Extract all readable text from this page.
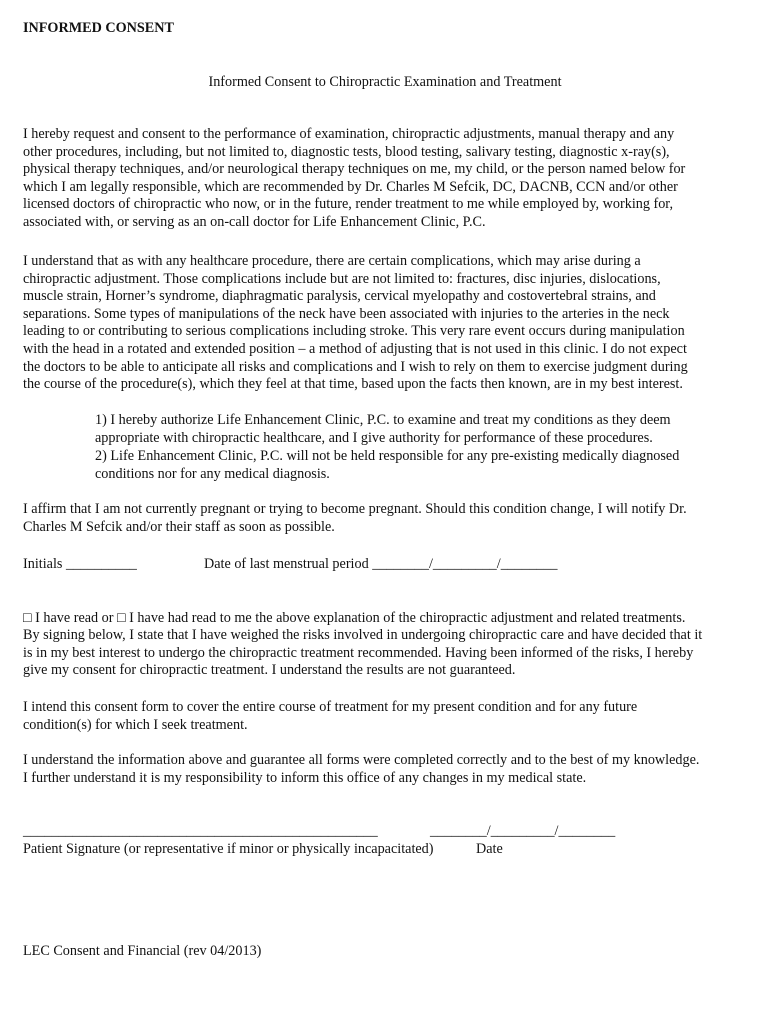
INFORMED CONSENT
Informed Consent to Chiropractic Examination and Treatment
I hereby request and consent to the performance of examination, chiropractic adjustments, manual therapy and any
other procedures, including, but not limited to, diagnostic tests, blood testing, salivary testing, diagnostic x-ray(s),
physical therapy techniques, and/or neurological therapy techniques on me, my child, or the person named below for
which I am legally responsible, which are recommended by Dr. Charles M Sefcik, DC, DACNB, CCN and/or other
licensed doctors of chiropractic who now, or in the future, render treatment to me while employed by, working for,
associated with, or serving as an on-call doctor for Life Enhancement Clinic, P.C.
I understand that as with any healthcare procedure, there are certain complications, which may arise during a
chiropractic adjustment. Those complications include but are not limited to: fractures, disc injuries, dislocations,
muscle strain, Horner’s syndrome, diaphragmatic paralysis, cervical myelopathy and costovertebral strains, and
separations. Some types of manipulations of the neck have been associated with injuries to the arteries in the neck
leading to or contributing to serious complications including stroke. This very rare event occurs during manipulation
with the head in a rotated and extended position – a method of adjusting that is not used in this clinic. I do not expect
the doctors to be able to anticipate all risks and complications and I wish to rely on them to exercise judgment during
the course of the procedure(s), which they feel at that time, based upon the facts then known, are in my best interest.
1) I hereby authorize Life Enhancement Clinic, P.C. to examine and treat my conditions as they deem
appropriate with chiropractic healthcare, and I give authority for performance of these procedures.
2) Life Enhancement Clinic, P.C. will not be held responsible for any pre-existing medically diagnosed
conditions nor for any medical diagnosis.
I affirm that I am not currently pregnant or trying to become pregnant. Should this condition change, I will notify Dr.
Charles M Sefcik and/or their staff as soon as possible.
Initials __________	Date of last menstrual period ________/_________/________
□ I have read or □ I have had read to me the above explanation of the chiropractic adjustment and related treatments.
By signing below, I state that I have weighed the risks involved in undergoing chiropractic care and have decided that it
is in my best interest to undergo the chiropractic treatment recommended. Having been informed of the risks, I hereby
give my consent for chiropractic treatment. I understand the results are not guaranteed.
I intend this consent form to cover the entire course of treatment for my present condition and for any future
condition(s) for which I seek treatment.
I understand the information above and guarantee all forms were completed correctly and to the best of my knowledge.
I further understand it is my responsibility to inform this office of any changes in my medical state.
__________________________________________________	________/_________/________
Patient Signature (or representative if minor or physically incapacitated)	Date
LEC Consent and Financial (rev 04/2013)
